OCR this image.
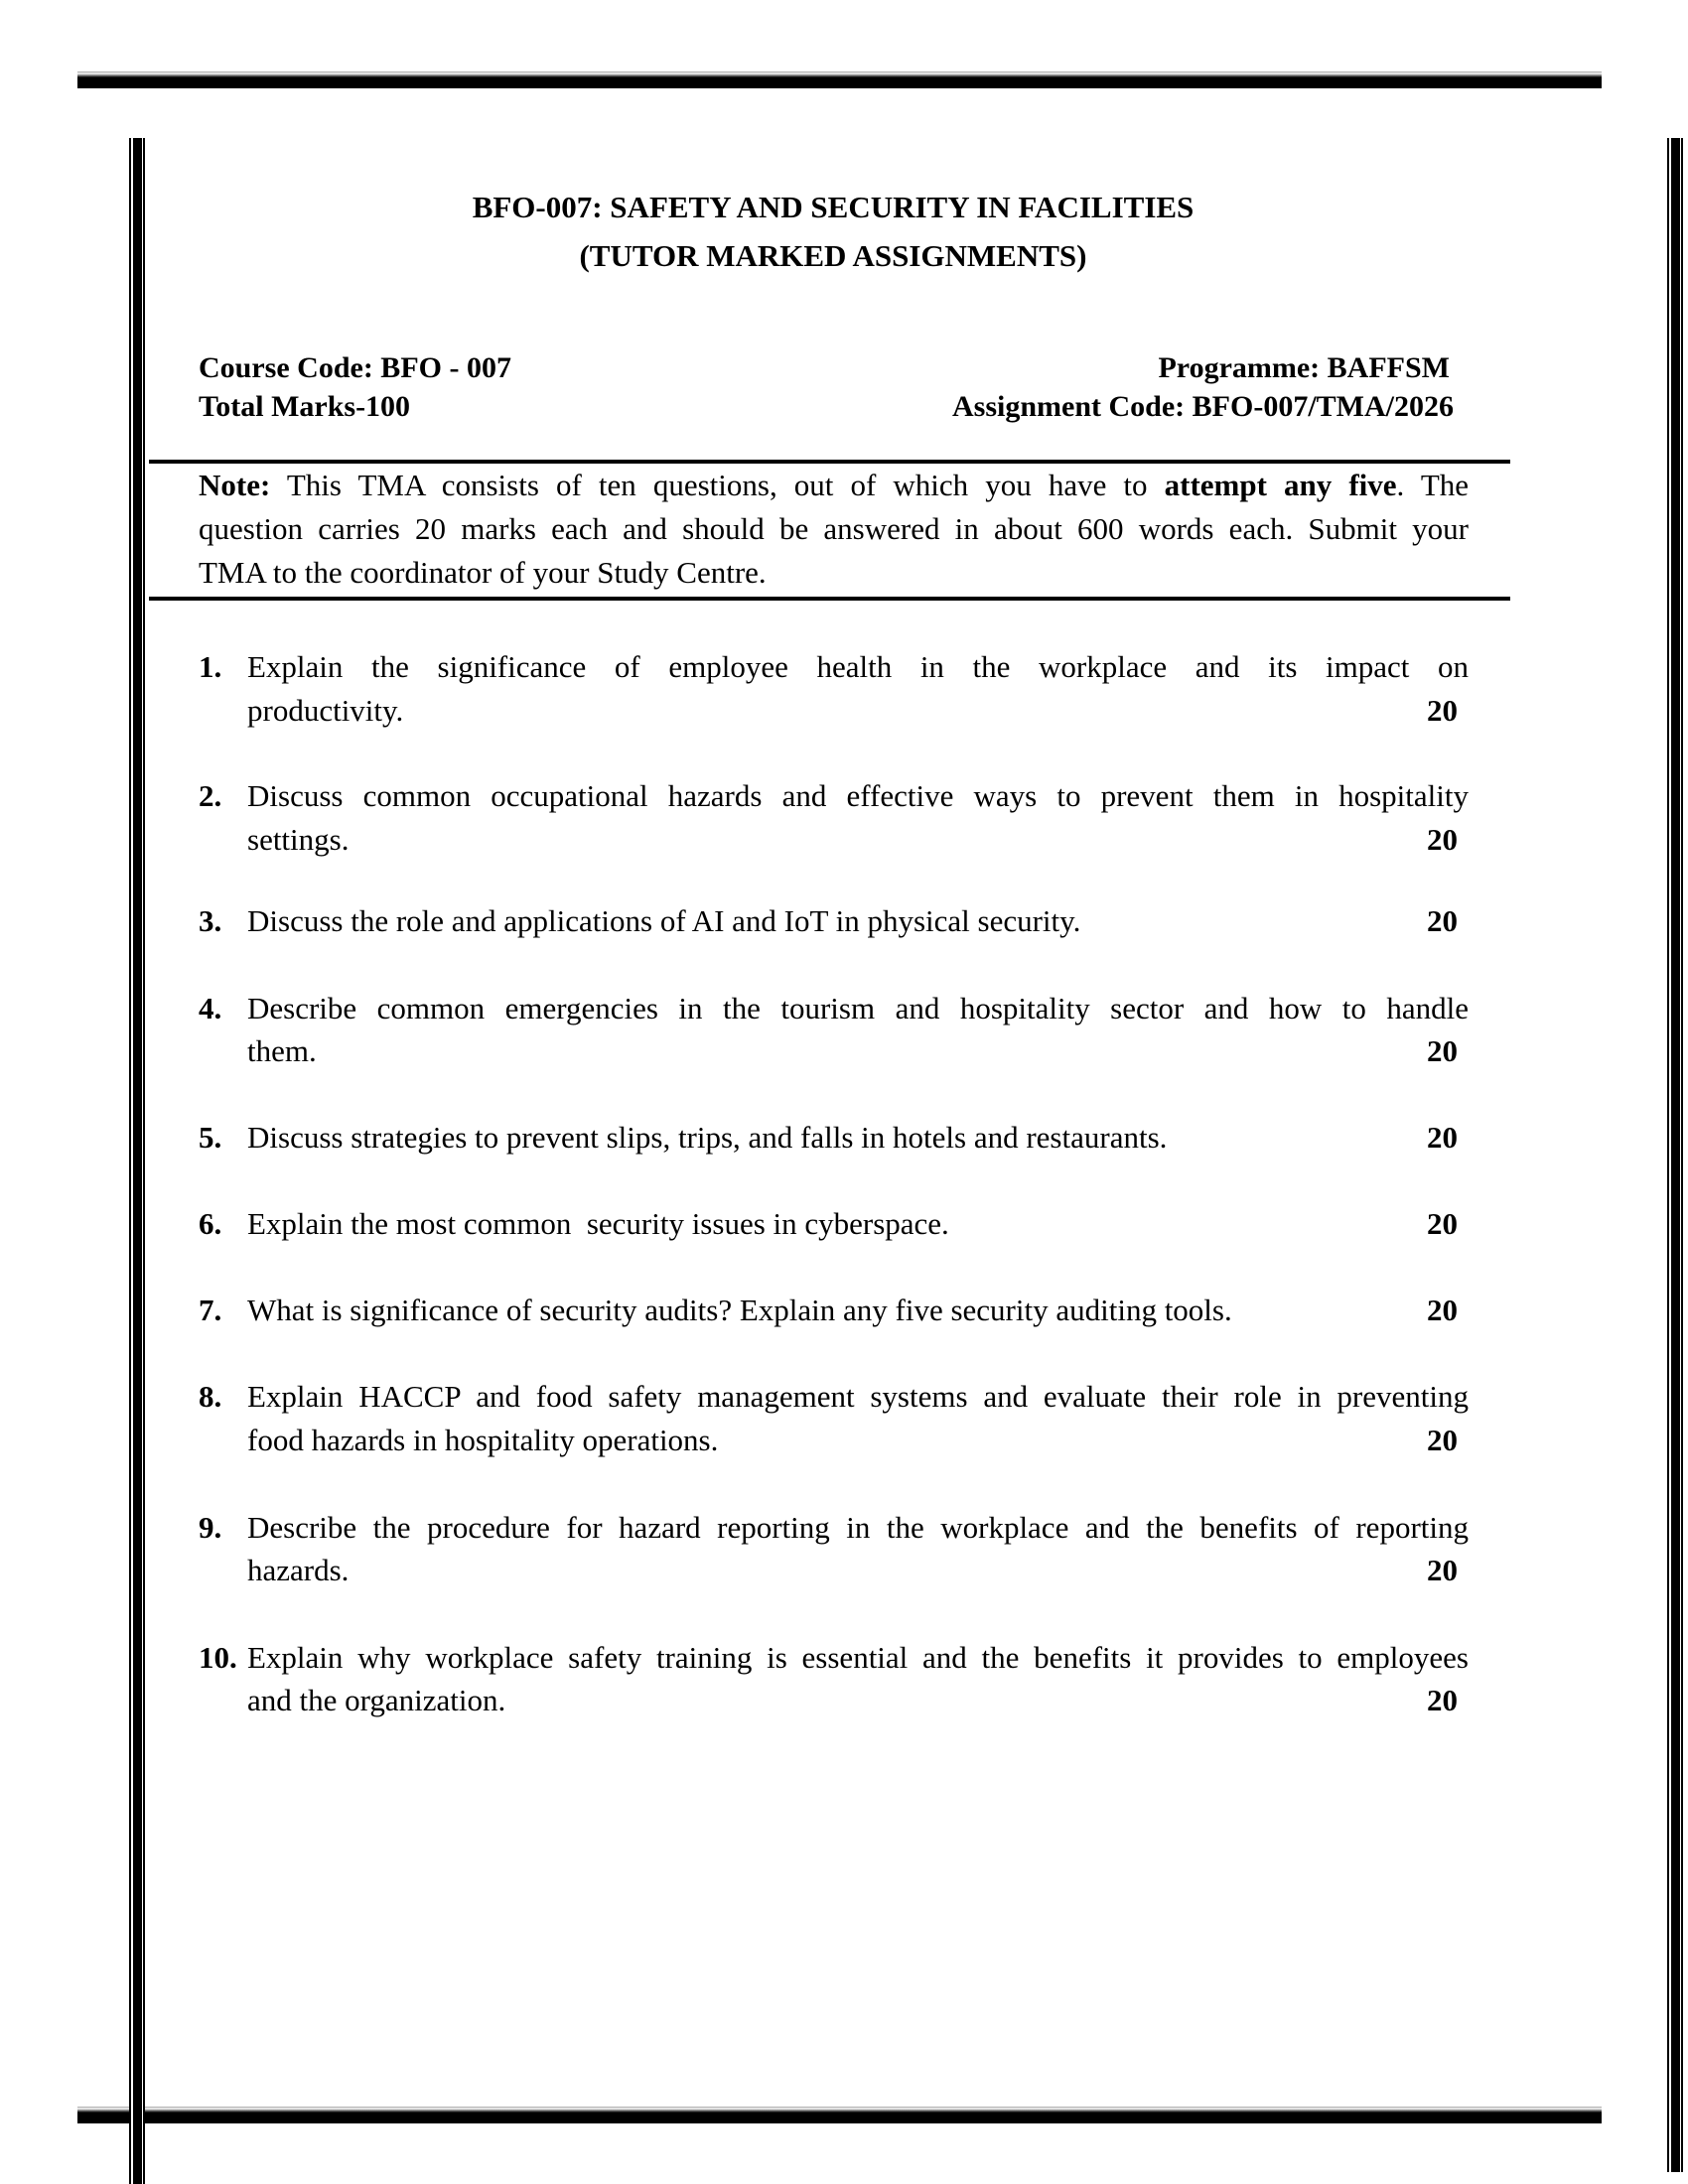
BFO-007: SAFETY AND SECURITY IN FACILITIES
(TUTOR MARKED ASSIGNMENTS)
Course Code: BFO - 007
Total Marks-100
Programme: BAFFSM
Assignment Code: BFO-007/TMA/2026
Note: This TMA consists of ten questions, out of which you have to attempt any five. The
question carries 20 marks each and should be answered in about 600 words each. Submit your
TMA to the coordinator of your Study Centre.
1. Explain the significance of employee health in the workplace and its impact on
productivity.	20
2. Discuss common occupational hazards and effective ways to prevent them in hospitality
settings.	20
3. Discuss the role and applications of AI and IoT in physical security.	20
4. Describe common emergencies in the tourism and hospitality sector and how to handle
them.	20
5. Discuss strategies to prevent slips, trips, and falls in hotels and restaurants.	20
6. Explain the most common  security issues in cyberspace.	20
7. What is significance of security audits? Explain any five security auditing tools.	20
8. Explain HACCP and food safety management systems and evaluate their role in preventing
food hazards in hospitality operations.	20
9. Describe the procedure for hazard reporting in the workplace and the benefits of reporting
hazards.	20
10. Explain why workplace safety training is essential and the benefits it provides to employees
and the organization.	20
